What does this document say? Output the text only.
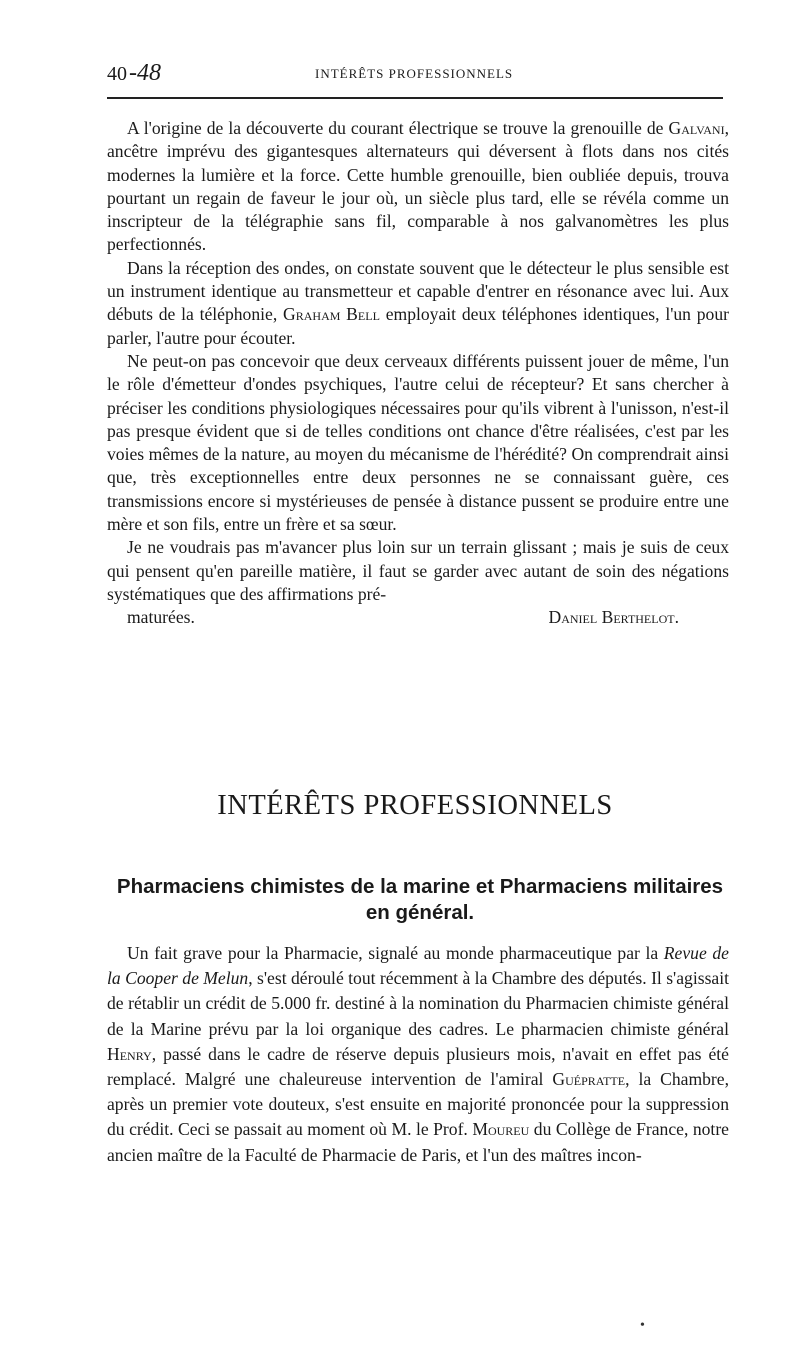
40-48	INTÉRÊTS PROFESSIONNELS

A l'origine de la découverte du courant électrique se trouve la grenouille de Galvani, ancêtre imprévu des gigantesques alternateurs qui déversent à flots dans nos cités modernes la lumière et la force. Cette humble grenouille, bien oubliée depuis, trouva pourtant un regain de faveur le jour où, un siècle plus tard, elle se révéla comme un inscripteur de la télégraphie sans fil, comparable à nos galvanomètres les plus perfectionnés.

Dans la réception des ondes, on constate souvent que le détecteur le plus sensible est un instrument identique au transmetteur et capable d'entrer en résonance avec lui. Aux débuts de la téléphonie, Graham Bell employait deux téléphones identiques, l'un pour parler, l'autre pour écouter.

Ne peut-on pas concevoir que deux cerveaux différents puissent jouer de même, l'un le rôle d'émetteur d'ondes psychiques, l'autre celui de récepteur? Et sans chercher à préciser les conditions physiologiques nécessaires pour qu'ils vibrent à l'unisson, n'est-il pas presque évident que si de telles conditions ont chance d'être réalisées, c'est par les voies mêmes de la nature, au moyen du mécanisme de l'hérédité? On comprendrait ainsi que, très exceptionnelles entre deux personnes ne se connaissant guère, ces transmissions encore si mystérieuses de pensée à distance pussent se produire entre une mère et son fils, entre un frère et sa sœur.

Je ne voudrais pas m'avancer plus loin sur un terrain glissant ; mais je suis de ceux qui pensent qu'en pareille matière, il faut se garder avec autant de soin des négations systématiques que des affirmations pré-

maturées.	Daniel Berthelot.

INTÉRÊTS PROFESSIONNELS
Pharmaciens chimistes de la marine et Pharmaciens militaires en général.

Un fait grave pour la Pharmacie, signalé au monde pharmaceutique par la Revue de la Cooper de Melun, s'est déroulé tout récemment à la Chambre des députés. Il s'agissait de rétablir un crédit de 5.000 fr. destiné à la nomination du Pharmacien chimiste général de la Marine prévu par la loi organique des cadres. Le pharmacien chimiste général Henry, passé dans le cadre de réserve depuis plusieurs mois, n'avait en effet pas été remplacé. Malgré une chaleureuse intervention de l'amiral Guépratte, la Chambre, après un premier vote douteux, s'est ensuite en majorité prononcée pour la suppression du crédit. Ceci se passait au moment où M. le Prof. Moureu du Collège de France, notre ancien maître de la Faculté de Pharmacie de Paris, et l'un des maîtres incon-

•
